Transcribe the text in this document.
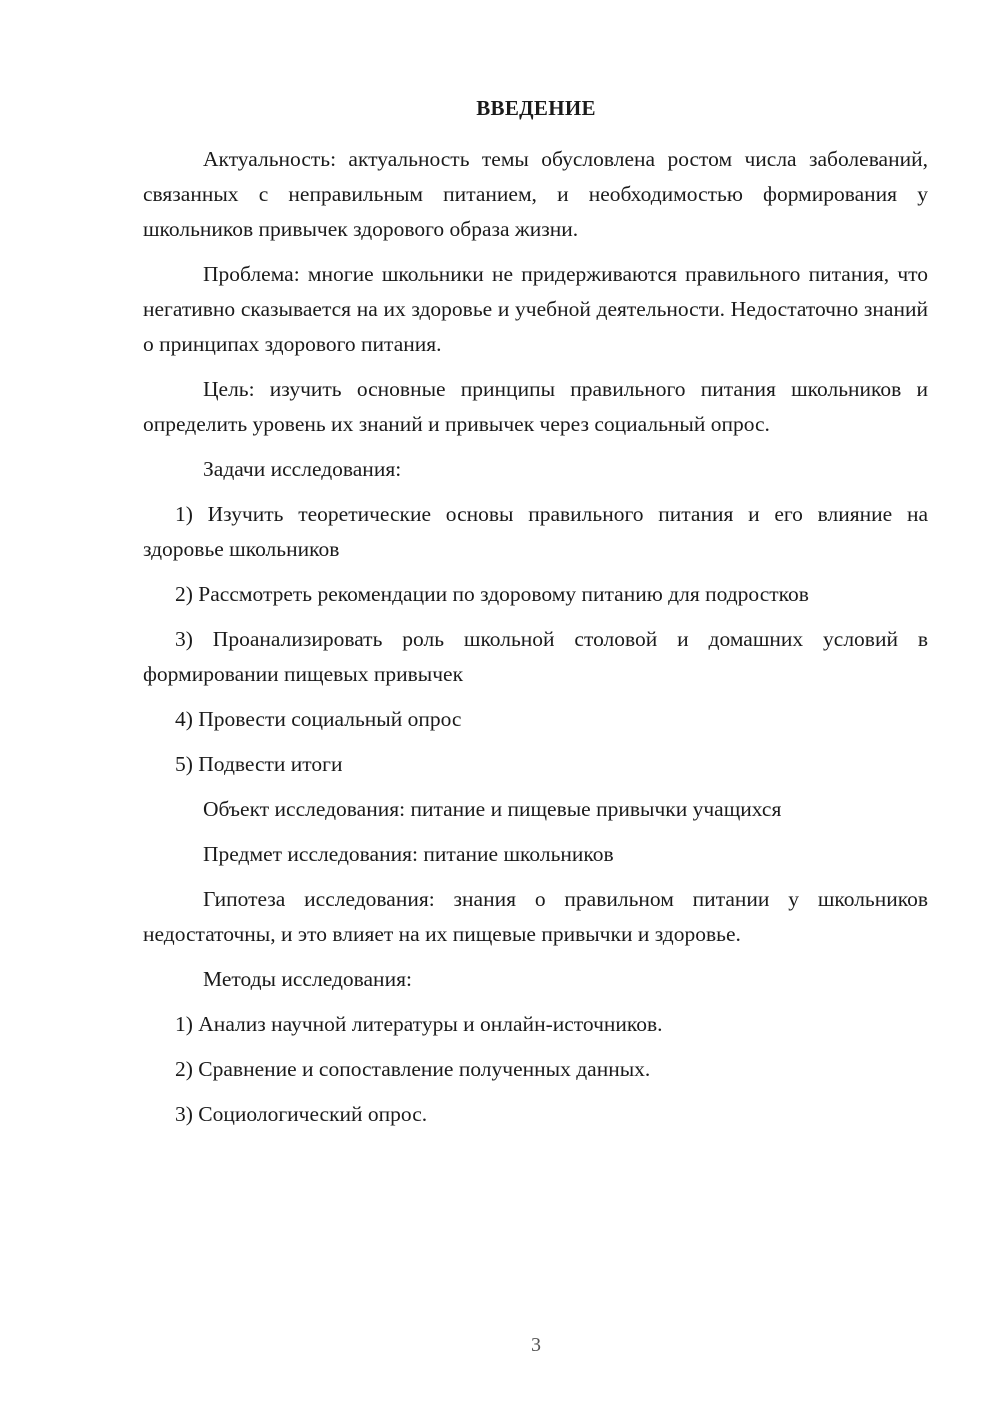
ВВЕДЕНИЕ

Актуальность: актуальность темы обусловлена ростом числа заболеваний, связанных с неправильным питанием, и необходимостью формирования у школьников привычек здорового образа жизни.

Проблема: многие школьники не придерживаются правильного питания, что негативно сказывается на их здоровье и учебной деятельности. Недостаточно знаний о принципах здорового питания.

Цель: изучить основные принципы правильного питания школьников и определить уровень их знаний и привычек через социальный опрос.

Задачи исследования:

1) Изучить теоретические основы правильного питания и его влияние на здоровье школьников

2) Рассмотреть рекомендации по здоровому питанию для подростков

3) Проанализировать роль школьной столовой и домашних условий в формировании пищевых привычек

4) Провести социальный опрос

5) Подвести итоги

Объект исследования: питание и пищевые привычки учащихся

Предмет исследования: питание школьников

Гипотеза исследования: знания о правильном питании у школьников недостаточны, и это влияет на их пищевые привычки и здоровье.

Методы исследования:

1) Анализ научной литературы и онлайн-источников.

2) Сравнение и сопоставление полученных данных.

3) Социологический опрос.

3
